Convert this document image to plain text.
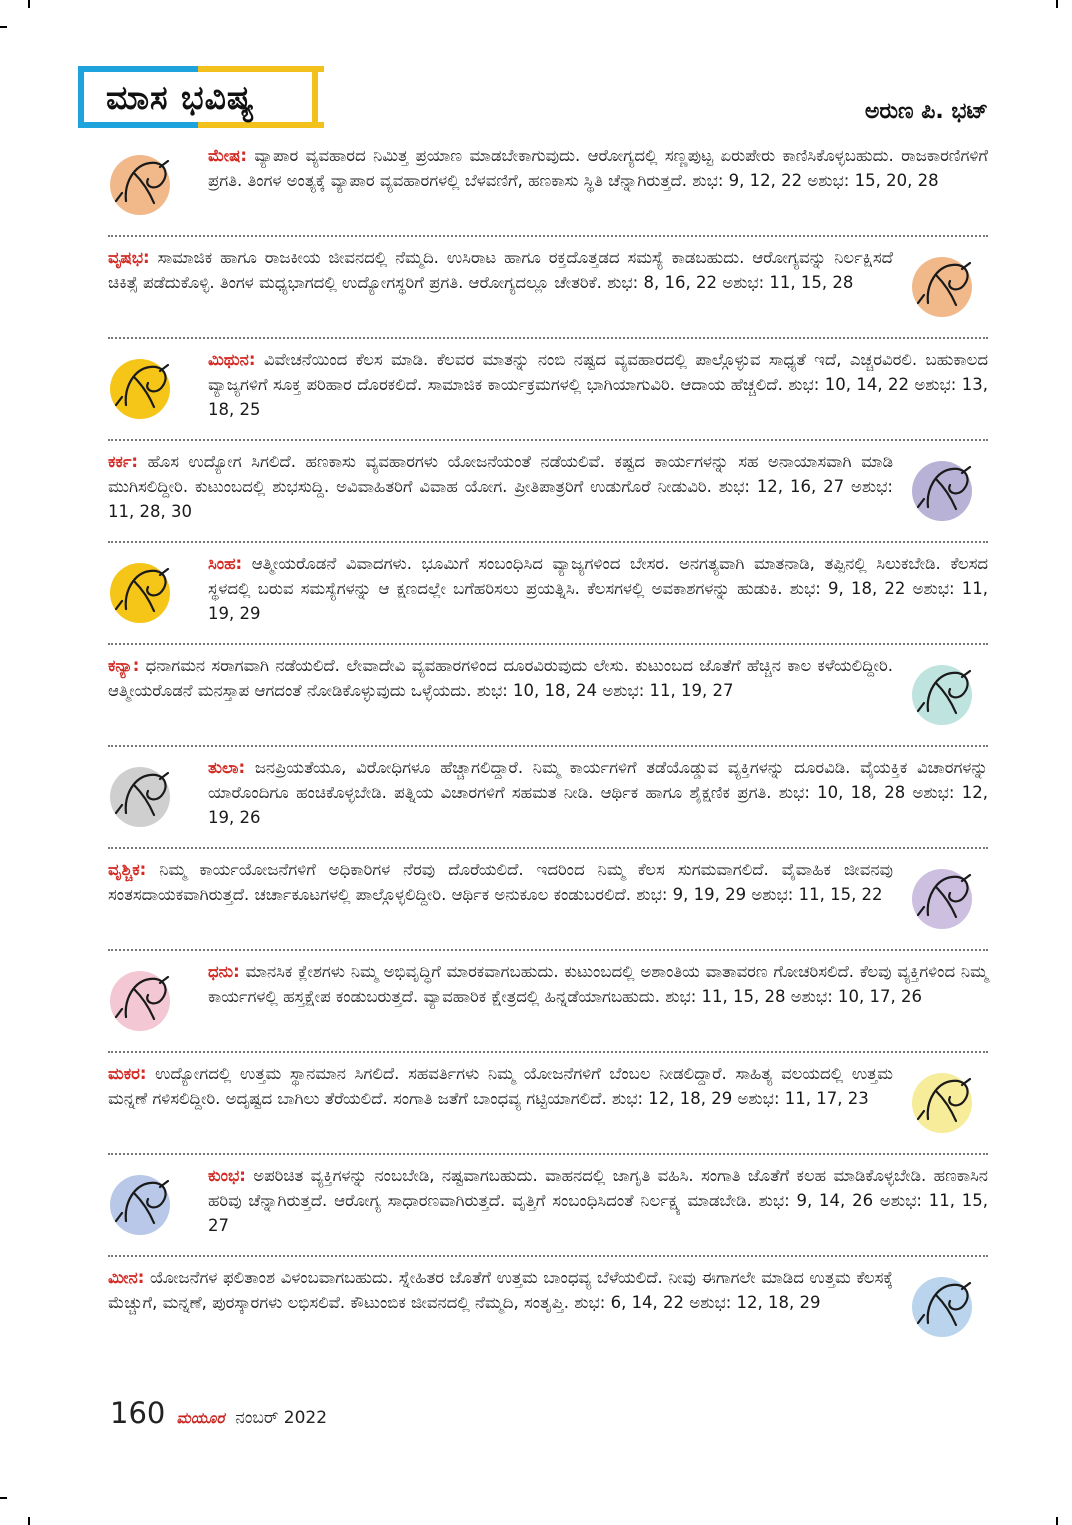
ಮಾಸ ಭವಿಷ್ಯ	ಅರುಣ ಪಿ. ಭಟ್
ಮೇಷ: ವ್ಯಾಪಾರ ವ್ಯವಹಾರದ ನಿಮಿತ್ತ ಪ್ರಯಾಣ ಮಾಡಬೇಕಾಗುವುದು. ಆರೋಗ್ಯದಲ್ಲಿ ಸಣ್ಣಪುಟ್ಟ ಏರುಪೇರು ಕಾಣಿಸಿಕೊಳ್ಳಬಹುದು. ರಾಜಕಾರಣಿಗಳಿಗೆ ಪ್ರಗತಿ. ತಿಂಗಳ ಅಂತ್ಯಕ್ಕೆ ವ್ಯಾಪಾರ ವ್ಯವಹಾರಗಳಲ್ಲಿ ಬೆಳವಣಿಗೆ, ಹಣಕಾಸು ಸ್ಥಿತಿ ಚೆನ್ನಾಗಿರುತ್ತದೆ. ಶುಭ: 9, 12, 22 ಅಶುಭ: 15, 20, 28
ವೃಷಭ: ಸಾಮಾಜಿಕ ಹಾಗೂ ರಾಜಕೀಯ ಜೀವನದಲ್ಲಿ ನೆಮ್ಮದಿ. ಉಸಿರಾಟ ಹಾಗೂ ರಕ್ತದೊತ್ತಡದ ಸಮಸ್ಯೆ ಕಾಡಬಹುದು. ಆರೋಗ್ಯವನ್ನು ನಿರ್ಲಕ್ಷಿಸದೆ ಚಿಕಿತ್ಸೆ ಪಡೆದುಕೊಳ್ಳಿ. ತಿಂಗಳ ಮಧ್ಯಭಾಗದಲ್ಲಿ ಉದ್ಯೋಗಸ್ಥರಿಗೆ ಪ್ರಗತಿ. ಆರೋಗ್ಯದಲ್ಲೂ ಚೇತರಿಕೆ. ಶುಭ: 8, 16, 22 ಅಶುಭ: 11, 15, 28
ಮಿಥುನ: ವಿವೇಚನೆಯಿಂದ ಕೆಲಸ ಮಾಡಿ. ಕೆಲವರ ಮಾತನ್ನು ನಂಬಿ ನಷ್ಟದ ವ್ಯವಹಾರದಲ್ಲಿ ಪಾಲ್ಗೊಳ್ಳುವ ಸಾಧ್ಯತೆ ಇದೆ, ಎಚ್ಚರವಿರಲಿ. ಬಹುಕಾಲದ ವ್ಯಾಜ್ಯಗಳಿಗೆ ಸೂಕ್ತ ಪರಿಹಾರ ದೊರಕಲಿದೆ. ಸಾಮಾಜಿಕ ಕಾರ್ಯಕ್ರಮಗಳಲ್ಲಿ ಭಾಗಿಯಾಗುವಿರಿ. ಆದಾಯ ಹೆಚ್ಚಲಿದೆ. ಶುಭ: 10, 14, 22 ಅಶುಭ: 13, 18, 25
ಕರ್ಕ: ಹೊಸ ಉದ್ಯೋಗ ಸಿಗಲಿದೆ. ಹಣಕಾಸು ವ್ಯವಹಾರಗಳು ಯೋಜನೆಯಂತೆ ನಡೆಯಲಿವೆ. ಕಷ್ಟದ ಕಾರ್ಯಗಳನ್ನು ಸಹ ಅನಾಯಾಸವಾಗಿ ಮಾಡಿ ಮುಗಿಸಲಿದ್ದೀರಿ. ಕುಟುಂಬದಲ್ಲಿ ಶುಭಸುದ್ದಿ. ಅವಿವಾಹಿತರಿಗೆ ವಿವಾಹ ಯೋಗ. ಪ್ರೀತಿಪಾತ್ರರಿಗೆ ಉಡುಗೊರೆ ನೀಡುವಿರಿ. ಶುಭ: 12, 16, 27 ಅಶುಭ: 11, 28, 30
ಸಿಂಹ: ಆತ್ಮೀಯರೊಡನೆ ವಿವಾದಗಳು. ಭೂಮಿಗೆ ಸಂಬಂಧಿಸಿದ ವ್ಯಾಜ್ಯಗಳಿಂದ ಬೇಸರ. ಅನಗತ್ಯವಾಗಿ ಮಾತನಾಡಿ, ತಪ್ಪಿನಲ್ಲಿ ಸಿಲುಕಬೇಡಿ. ಕೆಲಸದ ಸ್ಥಳದಲ್ಲಿ ಬರುವ ಸಮಸ್ಯೆಗಳನ್ನು ಆ ಕ್ಷಣದಲ್ಲೇ ಬಗೆಹರಿಸಲು ಪ್ರಯತ್ನಿಸಿ. ಕೆಲಸಗಳಲ್ಲಿ ಅವಕಾಶಗಳನ್ನು ಹುಡುಕಿ. ಶುಭ: 9, 18, 22 ಅಶುಭ: 11, 19, 29
ಕನ್ಯಾ: ಧನಾಗಮನ ಸರಾಗವಾಗಿ ನಡೆಯಲಿದೆ. ಲೇವಾದೇವಿ ವ್ಯವಹಾರಗಳಿಂದ ದೂರವಿರುವುದು ಲೇಸು. ಕುಟುಂಬದ ಜೊತೆಗೆ ಹೆಚ್ಚಿನ ಕಾಲ ಕಳೆಯಲಿದ್ದೀರಿ. ಆತ್ಮೀಯರೊಡನೆ ಮನಸ್ತಾಪ ಆಗದಂತೆ ನೋಡಿಕೊಳ್ಳುವುದು ಒಳ್ಳೆಯದು. ಶುಭ: 10, 18, 24 ಅಶುಭ: 11, 19, 27
ತುಲಾ: ಜನಪ್ರಿಯತೆಯೂ, ವಿರೋಧಿಗಳೂ ಹೆಚ್ಚಾಗಲಿದ್ದಾರೆ. ನಿಮ್ಮ ಕಾರ್ಯಗಳಿಗೆ ತಡೆಯೊಡ್ಡುವ ವ್ಯಕ್ತಿಗಳನ್ನು ದೂರವಿಡಿ. ವೈಯಕ್ತಿಕ ವಿಚಾರಗಳನ್ನು ಯಾರೊಂದಿಗೂ ಹಂಚಿಕೊಳ್ಳಬೇಡಿ. ಪತ್ನಿಯ ವಿಚಾರಗಳಿಗೆ ಸಹಮತ ನೀಡಿ. ಆರ್ಥಿಕ ಹಾಗೂ ಶೈಕ್ಷಣಿಕ ಪ್ರಗತಿ. ಶುಭ: 10, 18, 28 ಅಶುಭ: 12, 19, 26
ವೃಶ್ಚಿಕ: ನಿಮ್ಮ ಕಾರ್ಯಯೋಜನೆಗಳಿಗೆ ಅಧಿಕಾರಿಗಳ ನೆರವು ದೊರೆಯಲಿದೆ. ಇದರಿಂದ ನಿಮ್ಮ ಕೆಲಸ ಸುಗಮವಾಗಲಿದೆ. ವೈವಾಹಿಕ ಜೀವನವು ಸಂತಸದಾಯಕವಾಗಿರುತ್ತದೆ. ಚರ್ಚಾಕೂಟಗಳಲ್ಲಿ ಪಾಲ್ಗೊಳ್ಳಲಿದ್ದೀರಿ. ಆರ್ಥಿಕ ಅನುಕೂಲ ಕಂಡುಬರಲಿದೆ. ಶುಭ: 9, 19, 29 ಅಶುಭ: 11, 15, 22
ಧನು: ಮಾನಸಿಕ ಕ್ಲೇಶಗಳು ನಿಮ್ಮ ಅಭಿವೃದ್ಧಿಗೆ ಮಾರಕವಾಗಬಹುದು. ಕುಟುಂಬದಲ್ಲಿ ಅಶಾಂತಿಯ ವಾತಾವರಣ ಗೋಚರಿಸಲಿದೆ. ಕೆಲವು ವ್ಯಕ್ತಿಗಳಿಂದ ನಿಮ್ಮ ಕಾರ್ಯಗಳಲ್ಲಿ ಹಸ್ತಕ್ಷೇಪ ಕಂಡುಬರುತ್ತದೆ. ವ್ಯಾವಹಾರಿಕ ಕ್ಷೇತ್ರದಲ್ಲಿ ಹಿನ್ನಡೆಯಾಗಬಹುದು. ಶುಭ: 11, 15, 28 ಅಶುಭ: 10, 17, 26
ಮಕರ: ಉದ್ಯೋಗದಲ್ಲಿ ಉತ್ತಮ ಸ್ಥಾನಮಾನ ಸಿಗಲಿದೆ. ಸಹವರ್ತಿಗಳು ನಿಮ್ಮ ಯೋಜನೆಗಳಿಗೆ ಬೆಂಬಲ ನೀಡಲಿದ್ದಾರೆ. ಸಾಹಿತ್ಯ ವಲಯದಲ್ಲಿ ಉತ್ತಮ ಮನ್ನಣೆ ಗಳಿಸಲಿದ್ದೀರಿ. ಅದೃಷ್ಟದ ಬಾಗಿಲು ತೆರೆಯಲಿದೆ. ಸಂಗಾತಿ ಜತೆಗೆ ಬಾಂಧವ್ಯ ಗಟ್ಟಿಯಾಗಲಿದೆ. ಶುಭ: 12, 18, 29 ಅಶುಭ: 11, 17, 23
ಕುಂಭ: ಅಪರಿಚಿತ ವ್ಯಕ್ತಿಗಳನ್ನು ನಂಬಬೇಡಿ, ನಷ್ಟವಾಗಬಹುದು. ವಾಹನದಲ್ಲಿ ಜಾಗೃತಿ ವಹಿಸಿ. ಸಂಗಾತಿ ಜೊತೆಗೆ ಕಲಹ ಮಾಡಿಕೊಳ್ಳಬೇಡಿ. ಹಣಕಾಸಿನ ಹರಿವು ಚೆನ್ನಾಗಿರುತ್ತದೆ. ಆರೋಗ್ಯ ಸಾಧಾರಣವಾಗಿರುತ್ತದೆ. ವೃತ್ತಿಗೆ ಸಂಬಂಧಿಸಿದಂತೆ ನಿರ್ಲಕ್ಷ್ಯ ಮಾಡಬೇಡಿ. ಶುಭ: 9, 14, 26 ಅಶುಭ: 11, 15, 27
ಮೀನ: ಯೋಜನೆಗಳ ಫಲಿತಾಂಶ ವಿಳಂಬವಾಗಬಹುದು. ಸ್ನೇಹಿತರ ಜೊತೆಗೆ ಉತ್ತಮ ಬಾಂಧವ್ಯ ಬೆಳೆಯಲಿದೆ. ನೀವು ಈಗಾಗಲೇ ಮಾಡಿದ ಉತ್ತಮ ಕೆಲಸಕ್ಕೆ ಮೆಚ್ಚುಗೆ, ಮನ್ನಣೆ, ಪುರಸ್ಕಾರಗಳು ಲಭಿಸಲಿವೆ. ಕೌಟುಂಬಿಕ ಜೀವನದಲ್ಲಿ ನೆಮ್ಮದಿ, ಸಂತೃಪ್ತಿ. ಶುಭ: 6, 14, 22 ಅಶುಭ: 12, 18, 29
160 ಮಯೂರ ನಂಬರ್ 2022
